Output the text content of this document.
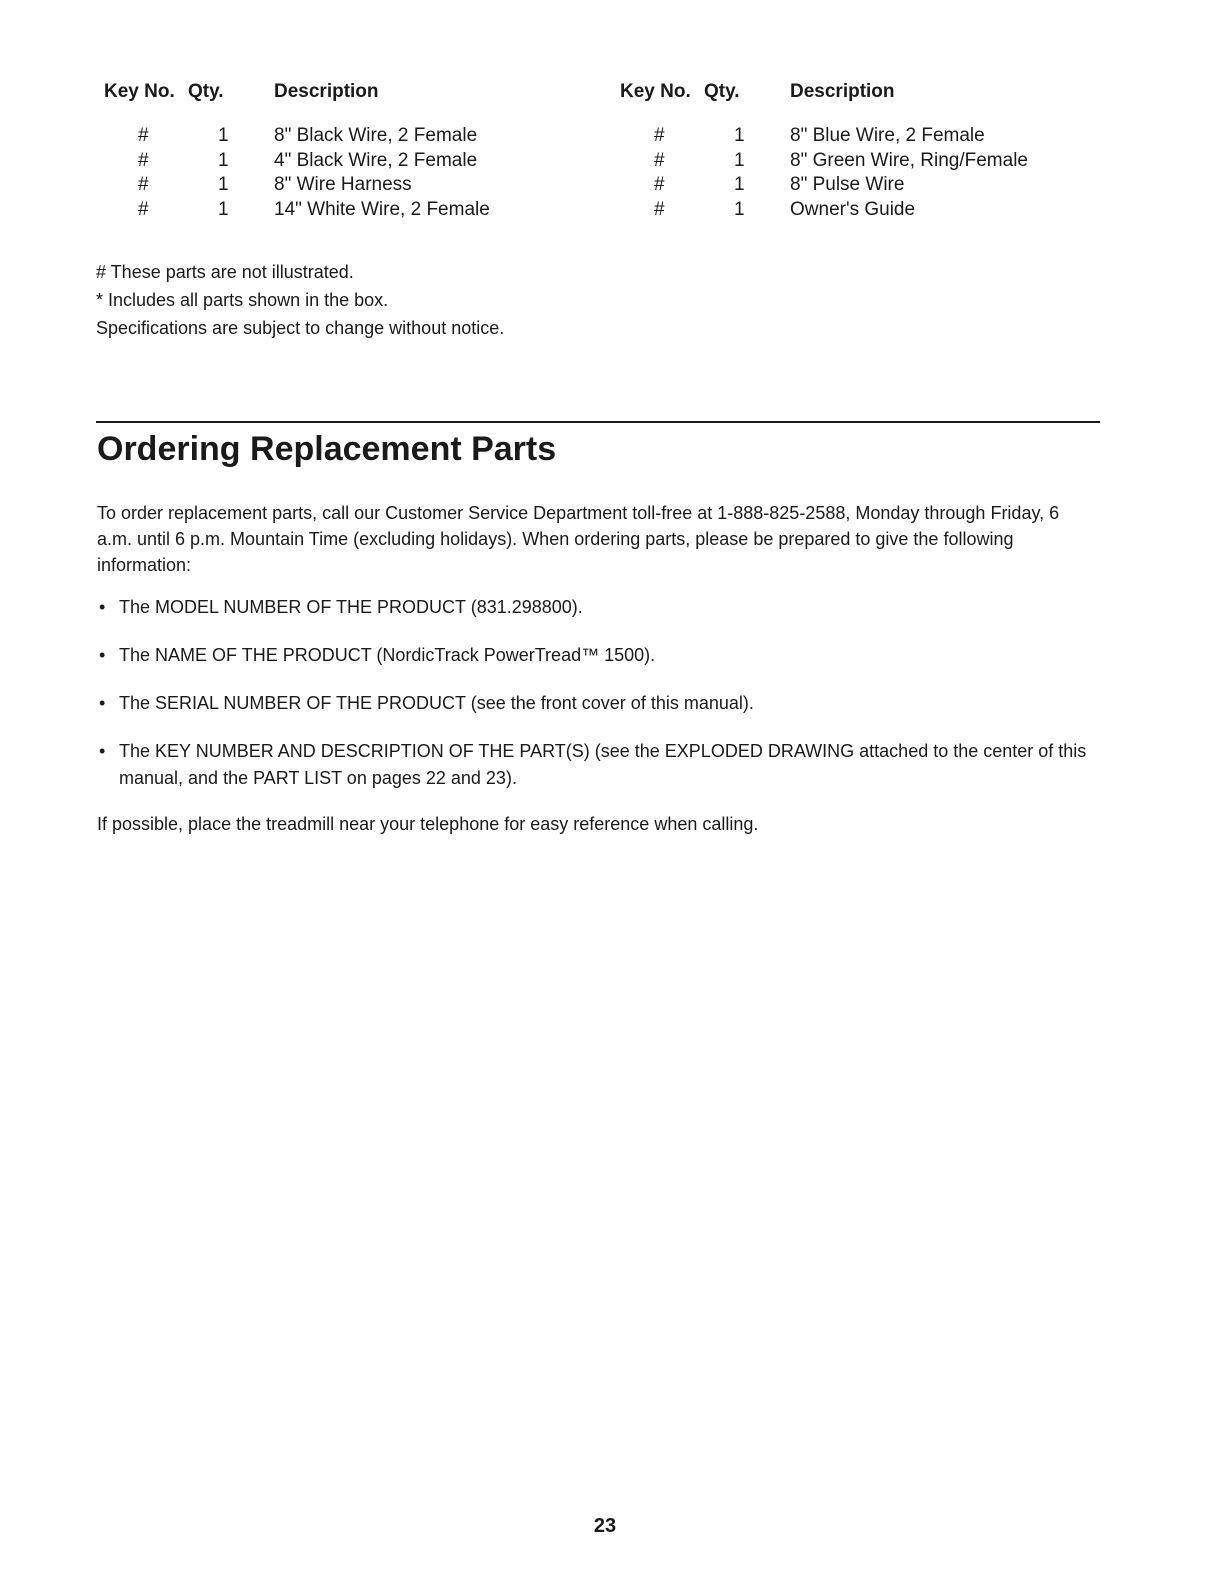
Key No. Qty.	Description
#	1	8" Black Wire, 2 Female
#	1	4" Black Wire, 2 Female
#	1	8" Wire Harness
#	1	14" White Wire, 2 Female
Key No. Qty.	Description
#	1	8" Blue Wire, 2 Female
#	1	8" Green Wire, Ring/Female
#	1	8" Pulse Wire
#	1	Owner's Guide
# These parts are not illustrated.
* Includes all parts shown in the box.
Specifications are subject to change without notice.
Ordering Replacement Parts

To order replacement parts, call our Customer Service Department toll-free at 1-888-825-2588, Monday through Friday, 6 a.m. until 6 p.m. Mountain Time (excluding holidays). When ordering parts, please be prepared to give the following information:

• The MODEL NUMBER OF THE PRODUCT (831.298800).
• The NAME OF THE PRODUCT (NordicTrack PowerTread™ 1500).
• The SERIAL NUMBER OF THE PRODUCT (see the front cover of this manual).
• The KEY NUMBER AND DESCRIPTION OF THE PART(S) (see the EXPLODED DRAWING attached to the center of this manual, and the PART LIST on pages 22 and 23).

If possible, place the treadmill near your telephone for easy reference when calling.

23
